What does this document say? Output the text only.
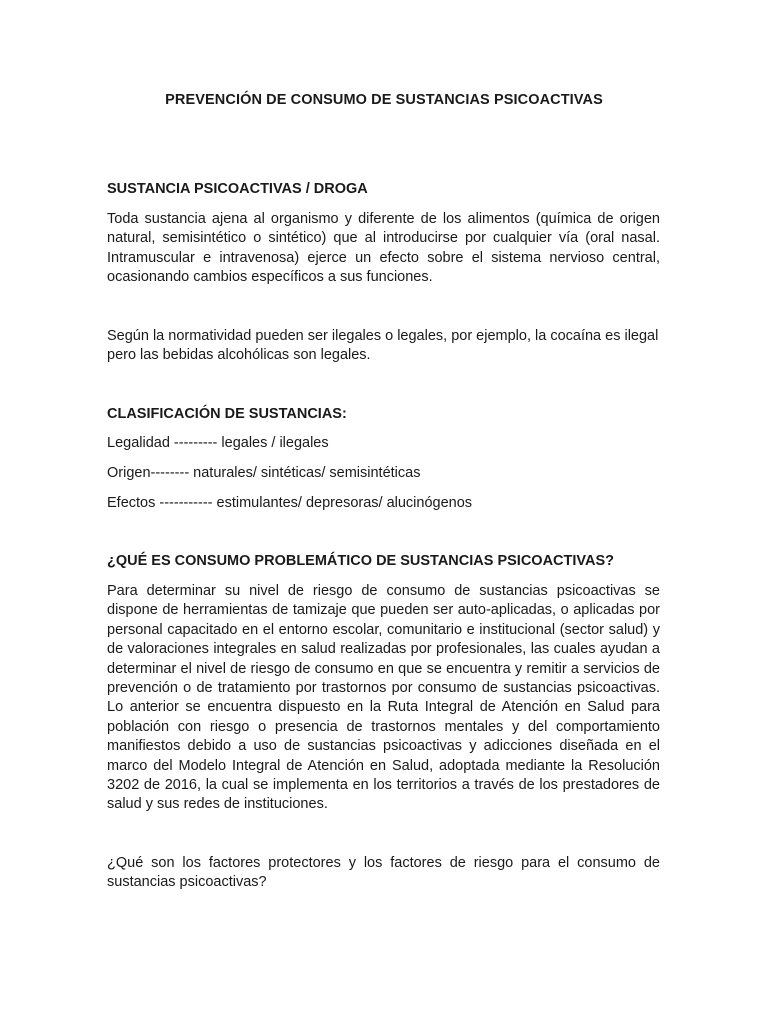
PREVENCIÓN DE CONSUMO DE SUSTANCIAS PSICOACTIVAS
SUSTANCIA PSICOACTIVAS / DROGA
Toda sustancia ajena al organismo y diferente de los alimentos (química de origen natural, semisintético o sintético) que al introducirse por cualquier vía (oral nasal. Intramuscular e intravenosa) ejerce un efecto sobre el sistema nervioso central, ocasionando cambios específicos a sus funciones.
Según la normatividad pueden ser ilegales o legales, por ejemplo, la cocaína es ilegal pero las bebidas alcohólicas son legales.
CLASIFICACIÓN DE SUSTANCIAS:
Legalidad --------- legales / ilegales
Origen-------- naturales/ sintéticas/ semisintéticas
Efectos ----------- estimulantes/ depresoras/ alucinógenos
¿QUÉ ES CONSUMO PROBLEMÁTICO DE SUSTANCIAS PSICOACTIVAS?
Para determinar su nivel de riesgo de consumo de sustancias psicoactivas se dispone de herramientas de tamizaje que pueden ser auto-aplicadas, o aplicadas por personal capacitado en el entorno escolar, comunitario e institucional (sector salud) y de valoraciones integrales en salud realizadas por profesionales, las cuales ayudan a determinar el nivel de riesgo de consumo en que se encuentra y remitir a servicios de prevención o de tratamiento por trastornos por consumo de sustancias psicoactivas. Lo anterior se encuentra dispuesto en la Ruta Integral de Atención en Salud para población con riesgo o presencia de trastornos mentales y del comportamiento manifiestos debido a uso de sustancias psicoactivas y adicciones diseñada en el marco del Modelo Integral de Atención en Salud, adoptada mediante la Resolución 3202 de 2016, la cual se implementa en los territorios a través de los prestadores de salud y sus redes de instituciones.
¿Qué son los factores protectores y los factores de riesgo para el consumo de sustancias psicoactivas?
